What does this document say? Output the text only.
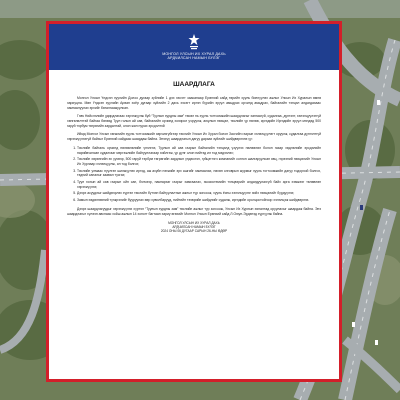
МОНГОЛ УЛСЫН ИХ ХУРАЛ ДАХЬ
АРДЧИЛСАН НАМЫН БҮЛЭГ
ШААРДЛАГА

Монгол Улсын Үндсэн хуулийн Долоо дугаар зүйлийн 1 дэх хэсэгт заасанаар Ерөнхий сайд төрийн хууль биелүүлэх ажлыг Улсын Их Хуралын өмнө хариуцна. Мөн Үндсэн хуулийн Арван хоёр дугаар зүйлийн 2 дахь хэсэгт иргэн бүрийн эрүүл амьдрах орчинд амьдрах, байгалийн тэнцэл алдагдахаас хамгаалуулах эрхийг баталгаажуулсан.

Гэвч Нийслэлийн удирдлагаас хэрэгжүүлж буй “Туулын хурдны зам” төсөл нь хууль тогтоомжийн шаардлагыг хангаагүй, судалгаа, дүгнэлт, хэлэлцүүлэггүй хөнгөлөлттэй байгаа бөгөөд Туул голын ай сав, байгалийн орчинд хохирол учруулж, аюулын нөхцөл, төслийн үр нөлөө, иргэдийн Иргэдийн эрүүл мэндэд 500 гаруй тэрбум төгрөгийн зардалтай, олон жил нурах эрсдэлтэй

Иймд Монгол Улсын хөгжлийн хууль тогтоомжийг зөрчихгүйгээр төслийг Улсын Их Хурал болон Засгийн газрын хэлэлцүүлэгт оруулж, судалгаа дүгнэлтгүй хэрэгжүүлэхгүй байхыг Ерөнхий сайдаас шаардаж байна. Энэхүү шаардлагын дагуу дараах зүйлийг шийдвэрлэнэ үү:

1. Төслийн байгаль орчинд нөлөөлөлийн үнэлгээ, Туулын ай сав газрын байгалийн тэнцэлд үзүүлэх нөлөөлөл болон газар хөдлөлийн эрсдэлийн нарийвчилсан судалгааг мэргэжлийн байгууллагаар хийлгэж, үр дүнг олон нийтэд ил тод мэдээлэх;
2. Төслийн хөрөнгийн эх үүсвэр, 500 гаруй тэрбум төгрөгийн зардлын үндэслэл, гүйцэтгэгч компанийг сонгон шалгаруулсан явц, гэрээний нөхцөлийг Улсын Их Хурлаар хэлэлцүүлж, ил тод болгох;
3. Төслийн улмаас нүүлгэн шилжүүлэх иргэд, аж ахуйн нэгжийн эрх ашгийг хамгаалах, нөхөн олговрын журмыг хууль тогтоомжийн дагуу тодорхой болгох, тэдний саналыг заавал тусгах;
4. Туул голын ай сав газрын ойн сан, бэлчээр, намгархаг газрыг хамгаалах, экосистемийн тэнцвэрийг алдагдуулахгүй байх арга хэмжээг төлөвлөн хэрэгжүүлэх;
5. Дээрх асуудлыг шийдвэрлэх хүртэл төслийн бүтээн байгуулалтын ажлыг түр зогсоож, хууль ёсны хэлэлцүүлэг хийх нөхцөлийг бүрдүүлэх;
6. Замын хөдөлгөөний түгжрэлийг бууруулах өөр хувилбарууд, нийтийн тээврийн шийдлийг судалж, иргэдийн оролцоотойгоор хэлэлцэж шийдвэрлэх.

Дээрх шаардлагуудыг хэрэгжүүлэх хүртэл “Туулын хурдны зам” төслийн ажлыг түр зогсоож, Улсын Их Хурлын хяналтад оруулахыг шаардаж байна. Энэ шаардлагыг хүлээн авснаас хойш ажлын 14 хоногт багтаан хариу өгөхийг Монгол Улсын Ерөнхий сайд Л.Оюун-Эрдэнэд хүргүүлж байна.

МОНГОЛ УЛСЫН ИХ ХУРАЛ ДАХЬ
АРДЧИЛСАН НАМЫН БҮЛЭГ
2024 ОНЫ 06 ДУГААР САРЫН 26-НЫ ӨДӨР
